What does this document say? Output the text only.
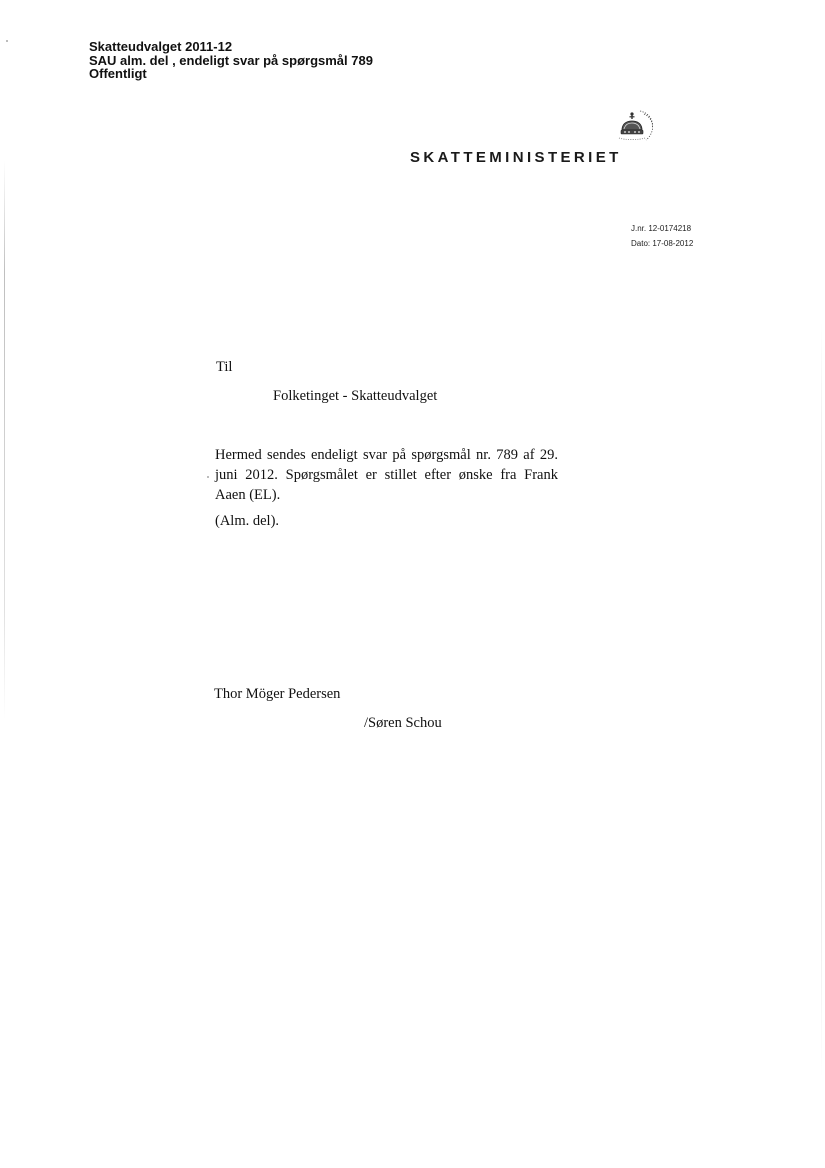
Skatteudvalget 2011-12
SAU alm. del , endeligt svar på spørgsmål 789
Offentligt
SKATTEMINISTERIET
J.nr. 12-0174218
Dato: 17-08-2012
Til
Folketinget - Skatteudvalget
Hermed sendes endeligt svar på spørgsmål nr. 789 af 29. juni 2012. Spørgsmålet er stillet efter ønske fra Frank Aaen (EL).
(Alm. del).
Thor Möger Pedersen
/Søren Schou
